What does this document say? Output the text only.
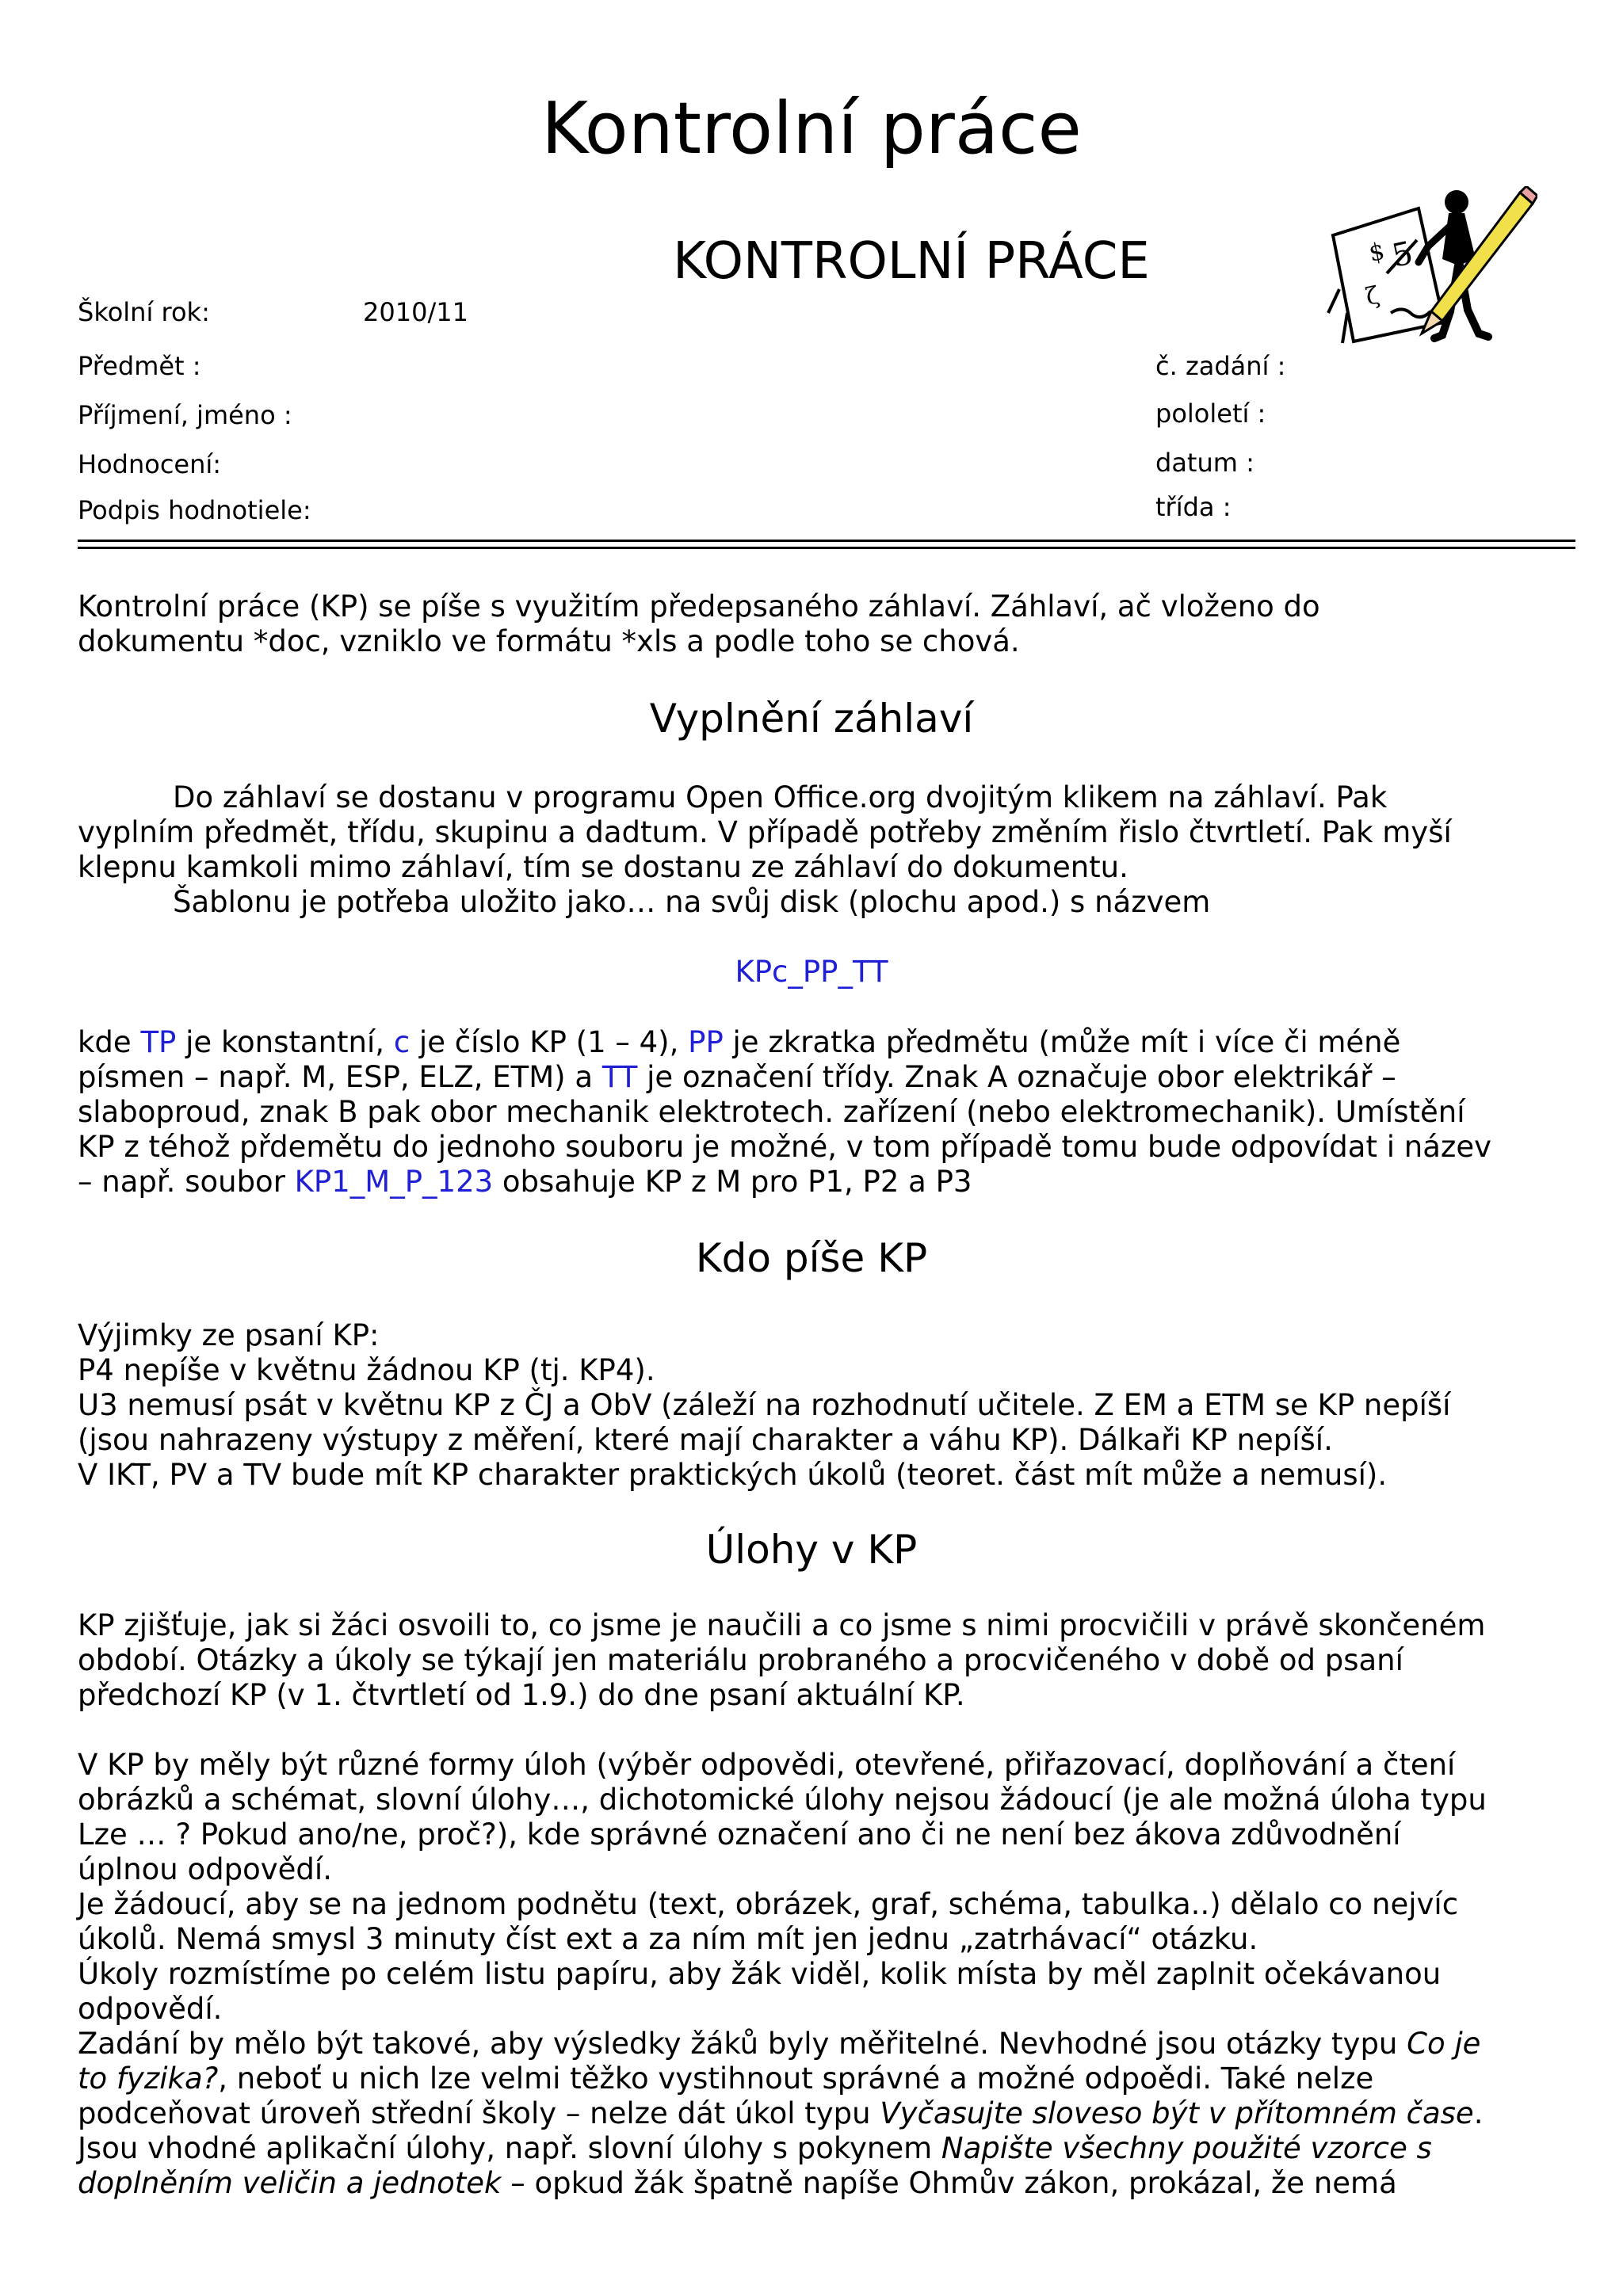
Kontrolní práce
KONTROLNÍ PRÁCE
Školní rok:	2010/11
Předmět :
Příjmení, jméno :
Hodnocení:
Podpis hodnotiele:
č. zadání :
pololetí :
datum :
třída :
$
ζ
Kontrolní práce (KP) se píše s využitím předepsaného záhlaví. Záhlaví, ač vloženo do
dokumentu *doc, vzniklo ve formátu *xls a podle toho se chová.
Vyplnění záhlaví
Do záhlaví se dostanu v programu Open Office.org dvojitým klikem na záhlaví. Pak
vyplním předmět, třídu, skupinu a dadtum. V případě potřeby změním řislo čtvrtletí. Pak myší
klepnu kamkoli mimo záhlaví, tím se dostanu ze záhlaví do dokumentu.
Šablonu je potřeba uložito jako… na svůj disk (plochu apod.) s názvem
KPc_PP_TT
kde TP je konstantní, c je číslo KP (1 – 4), PP je zkratka předmětu (může mít i více či méně
písmen – např. M, ESP, ELZ, ETM) a TT je označení třídy. Znak A označuje obor elektrikář –
slaboproud, znak B pak obor mechanik elektrotech. zařízení (nebo elektromechanik). Umístění
KP z téhož přdemětu do jednoho souboru je možné, v tom případě tomu bude odpovídat i název
– např. soubor KP1_M_P_123 obsahuje KP z M pro P1, P2 a P3
Kdo píše KP
Výjimky ze psaní KP:
P4 nepíše v květnu žádnou KP (tj. KP4).
U3 nemusí psát v květnu KP z ČJ a ObV (záleží na rozhodnutí učitele. Z EM a ETM se KP nepíší
(jsou nahrazeny výstupy z měření, které mají charakter a váhu KP). Dálkaři KP nepíší.
V IKT, PV a TV bude mít KP charakter praktických úkolů (teoret. část mít může a nemusí).
Úlohy v KP
KP zjišťuje, jak si žáci osvoili to, co jsme je naučili a co jsme s nimi procvičili v právě skončeném
období. Otázky a úkoly se týkají jen materiálu probraného a procvičeného v době od psaní
předchozí KP (v 1. čtvrtletí od 1.9.) do dne psaní aktuální KP.
V KP by měly být různé formy úloh (výběr odpovědi, otevřené, přiřazovací, doplňování a čtení
obrázků a schémat, slovní úlohy…, dichotomické úlohy nejsou žádoucí (je ale možná úloha typu
Lze … ? Pokud ano/ne, proč?), kde správné označení ano či ne není bez ákova zdůvodnění
úplnou odpovědí.
Je žádoucí, aby se na jednom podnětu (text, obrázek, graf, schéma, tabulka..) dělalo co nejvíc
úkolů. Nemá smysl 3 minuty číst ext a za ním mít jen jednu „zatrhávací“ otázku.
Úkoly rozmístíme po celém listu papíru, aby žák viděl, kolik místa by měl zaplnit očekávanou
odpovědí.
Zadání by mělo být takové, aby výsledky žáků byly měřitelné. Nevhodné jsou otázky typu Co je
to fyzika?, neboť u nich lze velmi těžko vystihnout správné a možné odpoědi. Také nelze
podceňovat úroveň střední školy – nelze dát úkol typu Vyčasujte sloveso být v přítomném čase.
Jsou vhodné aplikační úlohy, např. slovní úlohy s pokynem Napište všechny použité vzorce s
doplněním veličin a jednotek – opkud žák špatně napíše Ohmův zákon, prokázal, že nemá
